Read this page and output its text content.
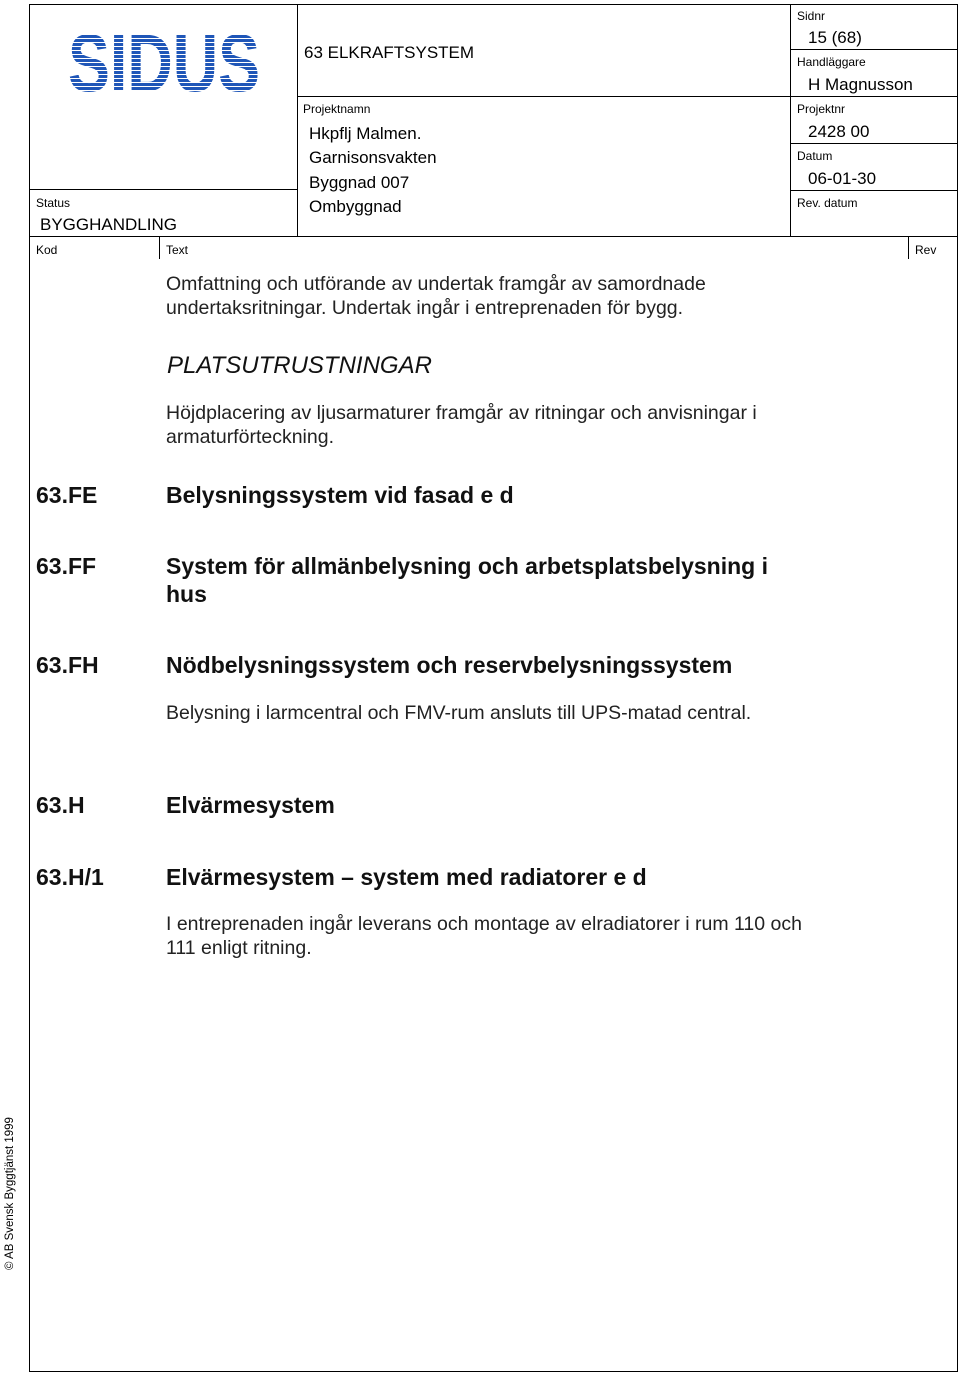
SIDUS	63 ELKRAFTSYSTEM
Sidnr
15 (68)
Handläggare
H Magnusson
Projektnamn
Hkpflj Malmen.
Garnisonsvakten
Byggnad 007
Ombyggnad
Projektnr
2428 00
Datum
06-01-30
Rev. datum
Status
BYGGHANDLING
Kod	Text	Rev
Omfattning och utförande av undertak framgår av samordnade undertaksritningar. Undertak ingår i entreprenaden för bygg.
PLATSUTRUSTNINGAR
Höjdplacering av ljusarmaturer framgår av ritningar och anvisningar i armaturförteckning.
63.FE	Belysningssystem vid fasad e d
63.FF	System för allmänbelysning och arbetsplatsbelysning i hus
63.FH	Nödbelysningssystem och reservbelysningssystem
Belysning i larmcentral och FMV-rum ansluts till UPS-matad central.
63.H	Elvärmesystem
63.H/1	Elvärmesystem – system med radiatorer e d
I entreprenaden ingår leverans och montage av elradiatorer i rum 110 och 111 enligt ritning.
© AB Svensk Byggtjänst 1999
